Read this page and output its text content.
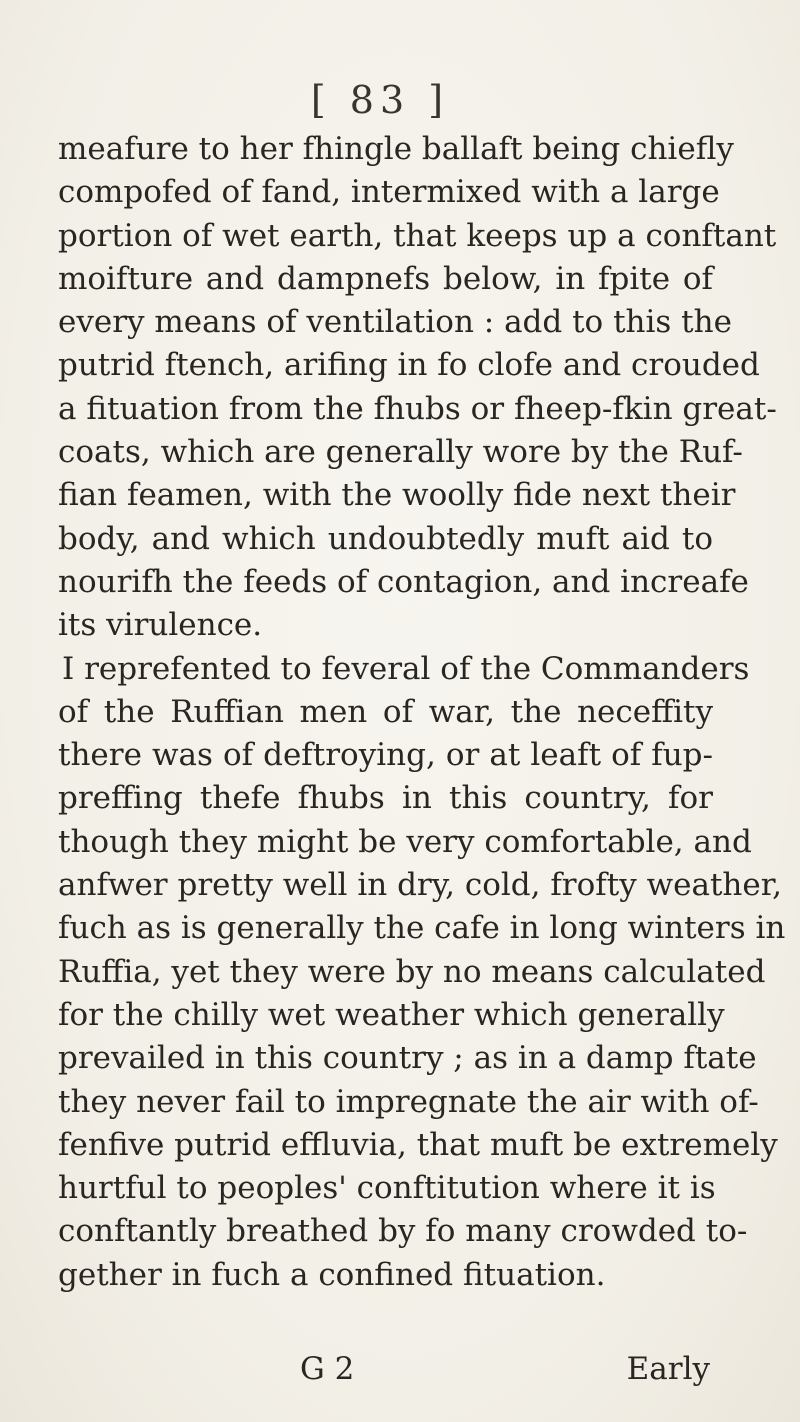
[ 83 ]
meafure to her fhingle ballaft being chiefly
compofed of fand, intermixed with a large
portion of wet earth, that keeps up a conftant
moifture and dampnefs below, in fpite of
every means of ventilation : add to this the
putrid ftench, arifing in fo clofe and crouded
a fituation from the fhubs or fheep-fkin great-
coats, which are generally wore by the Ruf-
fian feamen, with the woolly fide next their
body, and which undoubtedly muft aid to
nourifh the feeds of contagion, and increafe
its virulence.
I reprefented to feveral of the Commanders
of the Ruffian men of war, the neceffity
there was of deftroying, or at leaft of fup-
preffing thefe fhubs in this country, for
though they might be very comfortable, and
anfwer pretty well in dry, cold, frofty weather,
fuch as is generally the cafe in long winters in
Ruffia, yet they were by no means calculated
for the chilly wet weather which generally
prevailed in this country ; as in a damp ftate
they never fail to impregnate the air with of-
fenfive putrid effluvia, that muft be extremely
hurtful to peoples' conftitution where it is
conftantly breathed by fo many crowded to-
gether in fuch a confined fituation.
G 2	Early
